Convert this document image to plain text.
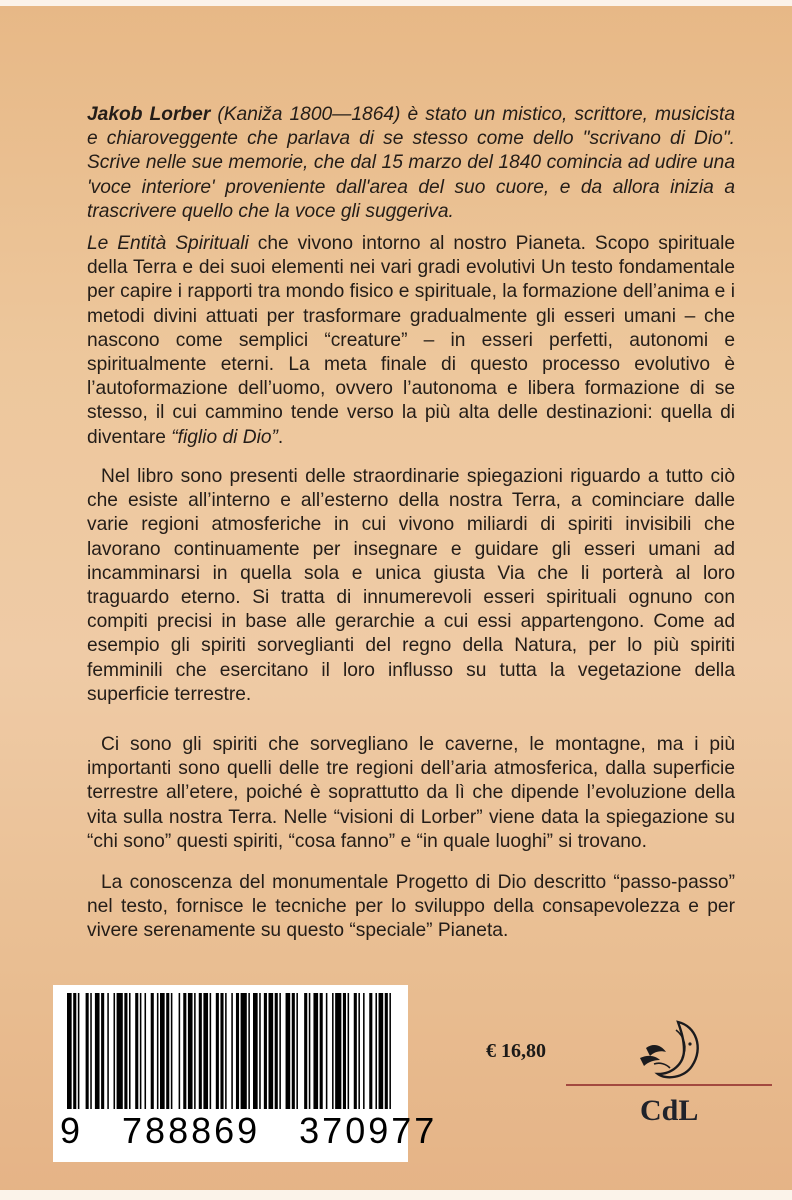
Jakob Lorber (Kaniža 1800—1864) è stato un mistico, scrittore, musicista e chiaroveggente che parlava di se stesso come dello "scrivano di Dio". Scrive nelle sue memorie, che dal 15 marzo del 1840 comincia ad udire una 'voce interiore' proveniente dall'area del suo cuore, e da allora inizia a trascrivere quello che la voce gli suggeriva.
Le Entità Spirituali che vivono intorno al nostro Pianeta. Scopo spirituale della Terra e dei suoi elementi nei vari gradi evolutivi Un testo fondamentale per capire i rapporti tra mondo fisico e spirituale, la formazione dell’anima e i metodi divini attuati per trasformare gradualmente gli esseri umani – che nascono come semplici “creature” – in esseri perfetti, autonomi e spiritualmente eterni. La meta finale di questo processo evolutivo è l’autoformazione dell’uomo, ovvero l’autonoma e libera formazione di se stesso, il cui cammino tende verso la più alta delle destinazioni: quella di diventare “figlio di Dio”.
Nel libro sono presenti delle straordinarie spiegazioni riguardo a tutto ciò che esiste all’interno e all’esterno della nostra Terra, a cominciare dalle varie regioni atmosferiche in cui vivono miliardi di spiriti invisibili che lavorano continuamente per insegnare e guidare gli esseri umani ad incamminarsi in quella sola e unica giusta Via che li porterà al loro traguardo eterno. Si tratta di innumerevoli esseri spirituali ognuno con compiti precisi in base alle gerarchie a cui essi appartengono. Come ad esempio gli spiriti sorveglianti del regno della Natura, per lo più spiriti femminili che esercitano il loro influsso su tutta la vegetazione della superficie terrestre.
Ci sono gli spiriti che sorvegliano le caverne, le montagne, ma i più importanti sono quelli delle tre regioni dell’aria atmosferica, dalla superficie terrestre all’etere, poiché è soprattutto da lì che dipende l’evoluzione della vita sulla nostra Terra. Nelle “visioni di Lorber” viene data la spiegazione su “chi sono” questi spiriti, “cosa fanno” e “in quale luoghi” si trovano.
La conoscenza del monumentale Progetto di Dio descritto “passo-passo” nel testo, fornisce le tecniche per lo sviluppo della consapevolezza e per vivere serenamente su questo “speciale” Pianeta.
9   788869   370977
€ 16,80
CdL
